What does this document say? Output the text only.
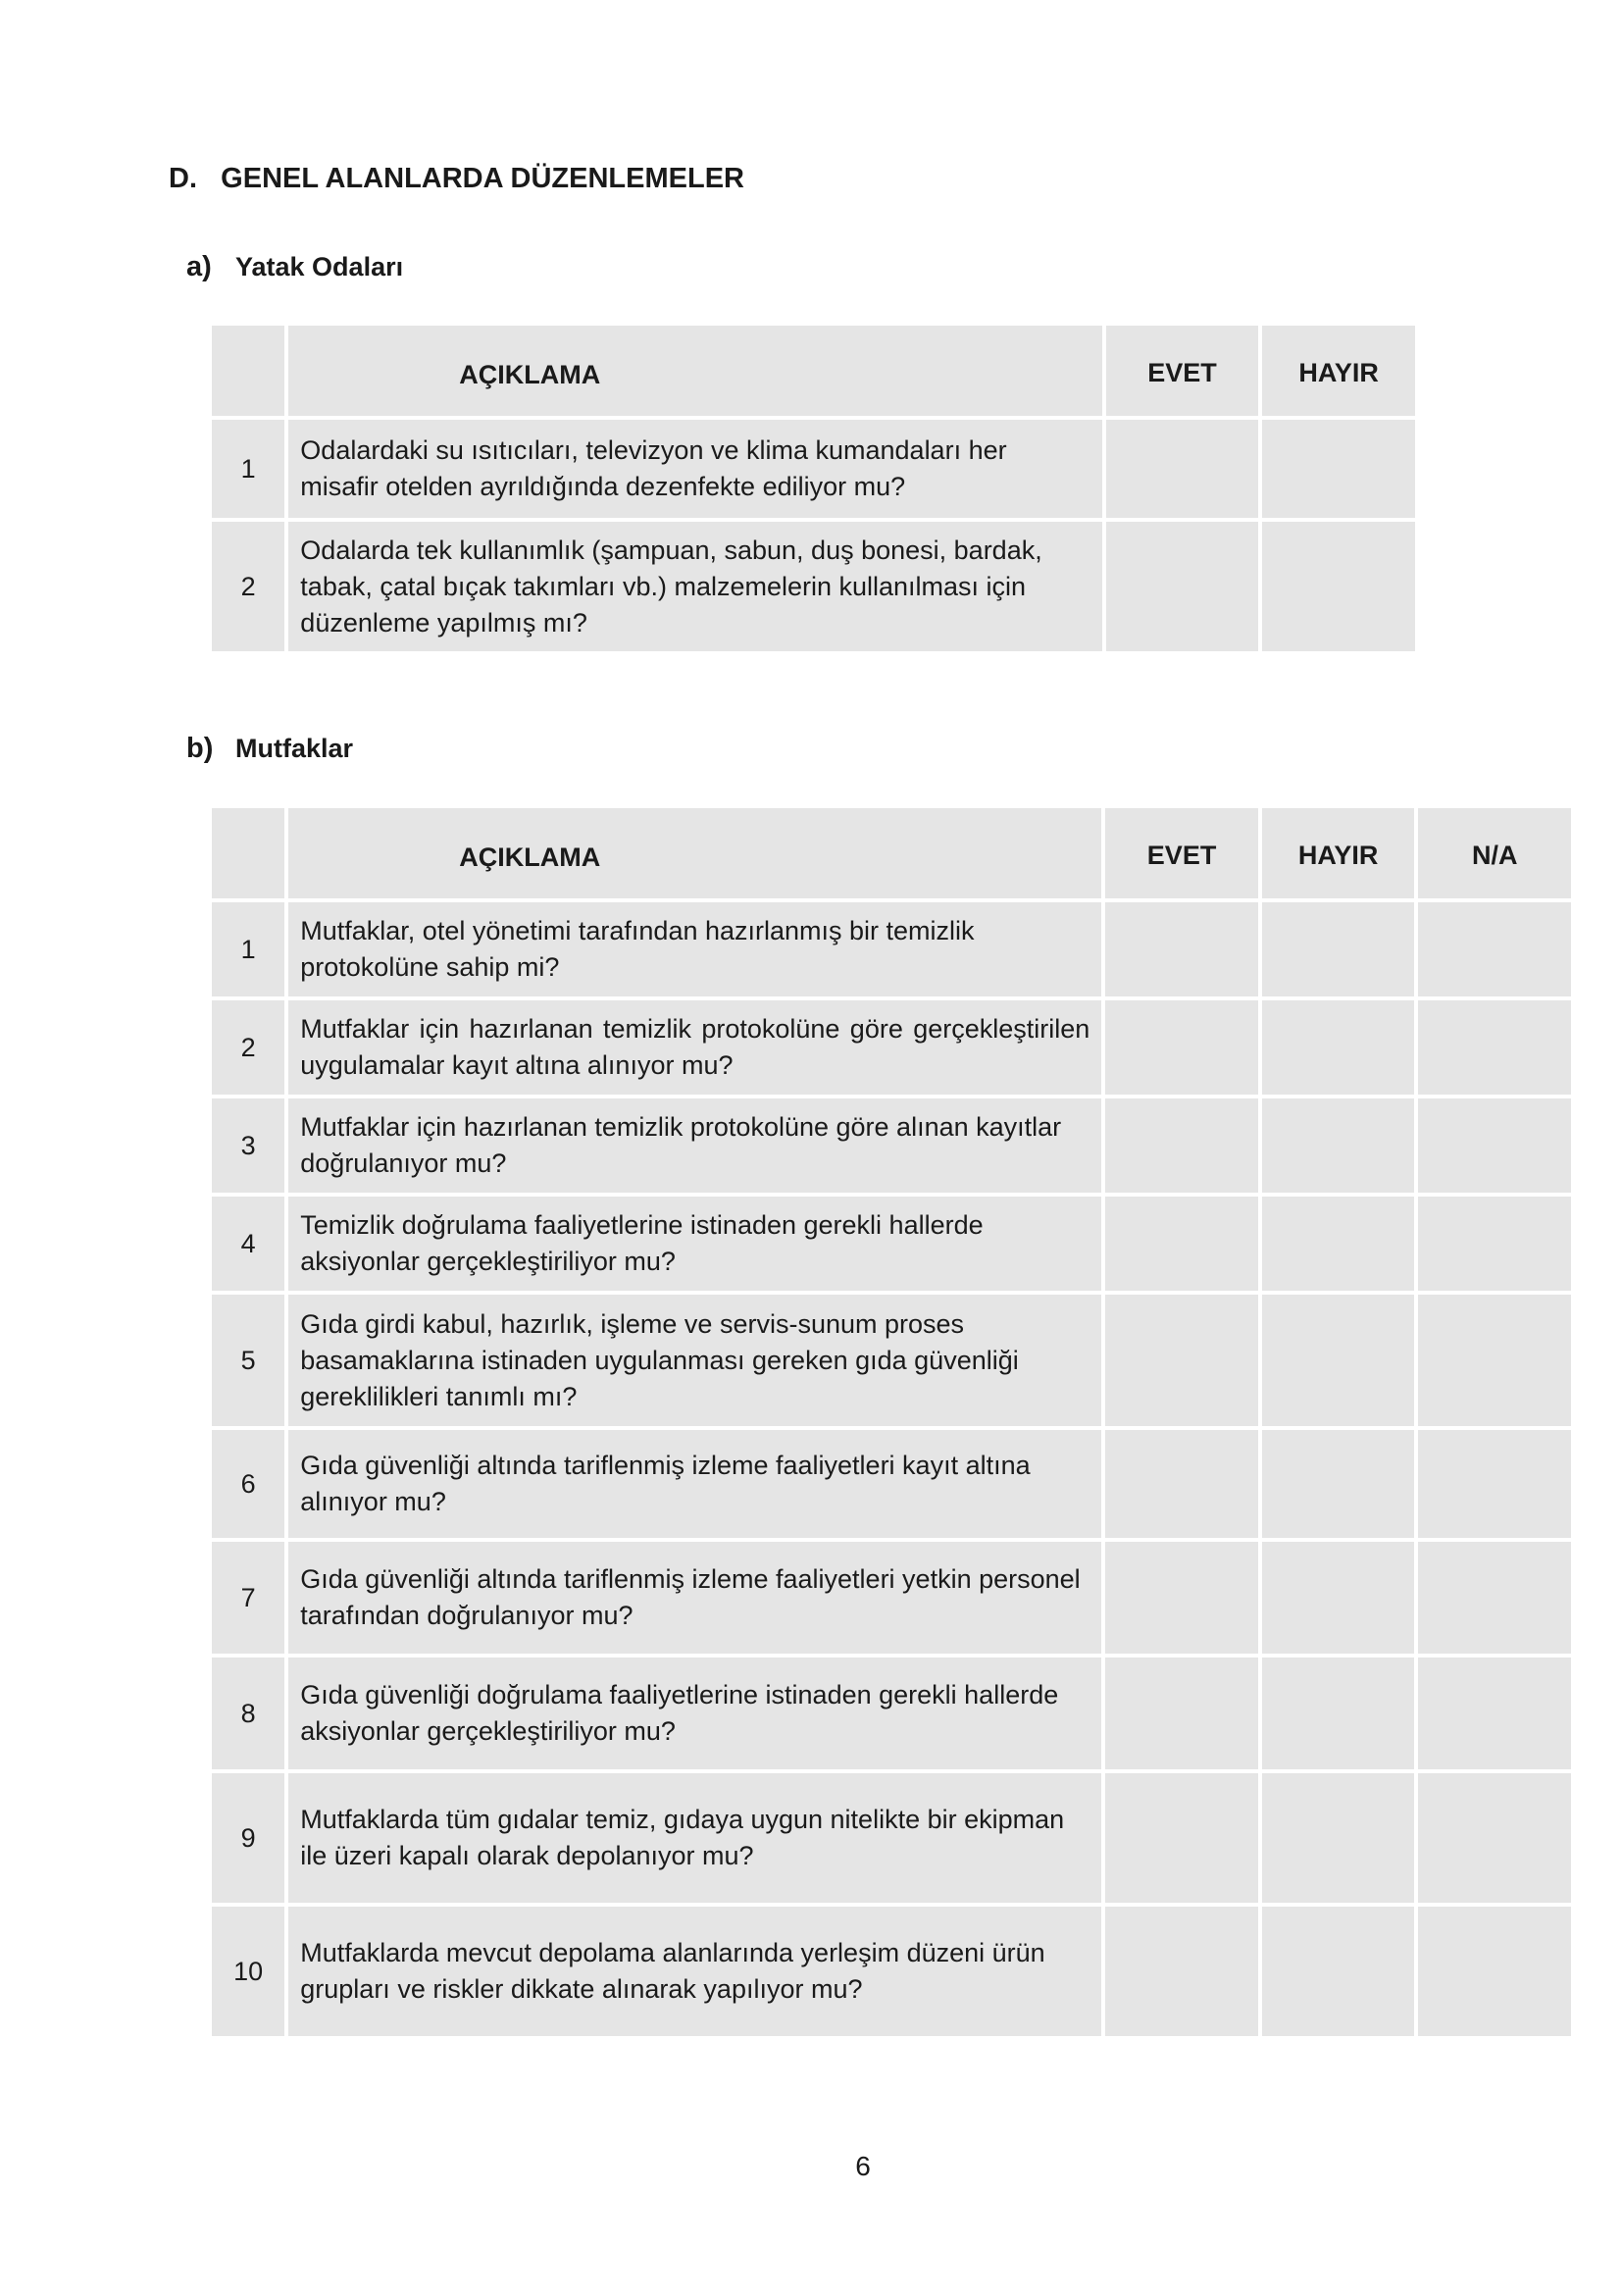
D. GENEL ALANLARDA DÜZENLEMELER
a) Yatak Odaları
	AÇIKLAMA	EVET	HAYIR
1	Odalardaki su ısıtıcıları, televizyon ve klima kumandaları her misafir otelden ayrıldığında dezenfekte ediliyor mu?		
2	Odalarda tek kullanımlık (şampuan, sabun, duş bonesi, bardak, tabak, çatal bıçak takımları vb.) malzemelerin kullanılması için düzenleme yapılmış mı?		
b) Mutfaklar
	AÇIKLAMA	EVET	HAYIR	N/A
1	Mutfaklar, otel yönetimi tarafından hazırlanmış bir temizlik protokolüne sahip mi?			
2	Mutfaklar için hazırlanan temizlik protokolüne göre gerçekleştirilen uygulamalar kayıt altına alınıyor mu?			
3	Mutfaklar için hazırlanan temizlik protokolüne göre alınan kayıtlar doğrulanıyor mu?			
4	Temizlik doğrulama faaliyetlerine istinaden gerekli hallerde aksiyonlar gerçekleştiriliyor mu?			
5	Gıda girdi kabul, hazırlık, işleme ve servis-sunum proses basamaklarına istinaden uygulanması gereken gıda güvenliği gereklilikleri tanımlı mı?			
6	Gıda güvenliği altında tariflenmiş izleme faaliyetleri kayıt altına alınıyor mu?			
7	Gıda güvenliği altında tariflenmiş izleme faaliyetleri yetkin personel tarafından doğrulanıyor mu?			
8	Gıda güvenliği doğrulama faaliyetlerine istinaden gerekli hallerde aksiyonlar gerçekleştiriliyor mu?			
9	Mutfaklarda tüm gıdalar temiz, gıdaya uygun nitelikte bir ekipman ile üzeri kapalı olarak depolanıyor mu?			
10	Mutfaklarda mevcut depolama alanlarında yerleşim düzeni ürün grupları ve riskler dikkate alınarak yapılıyor mu?			
6
